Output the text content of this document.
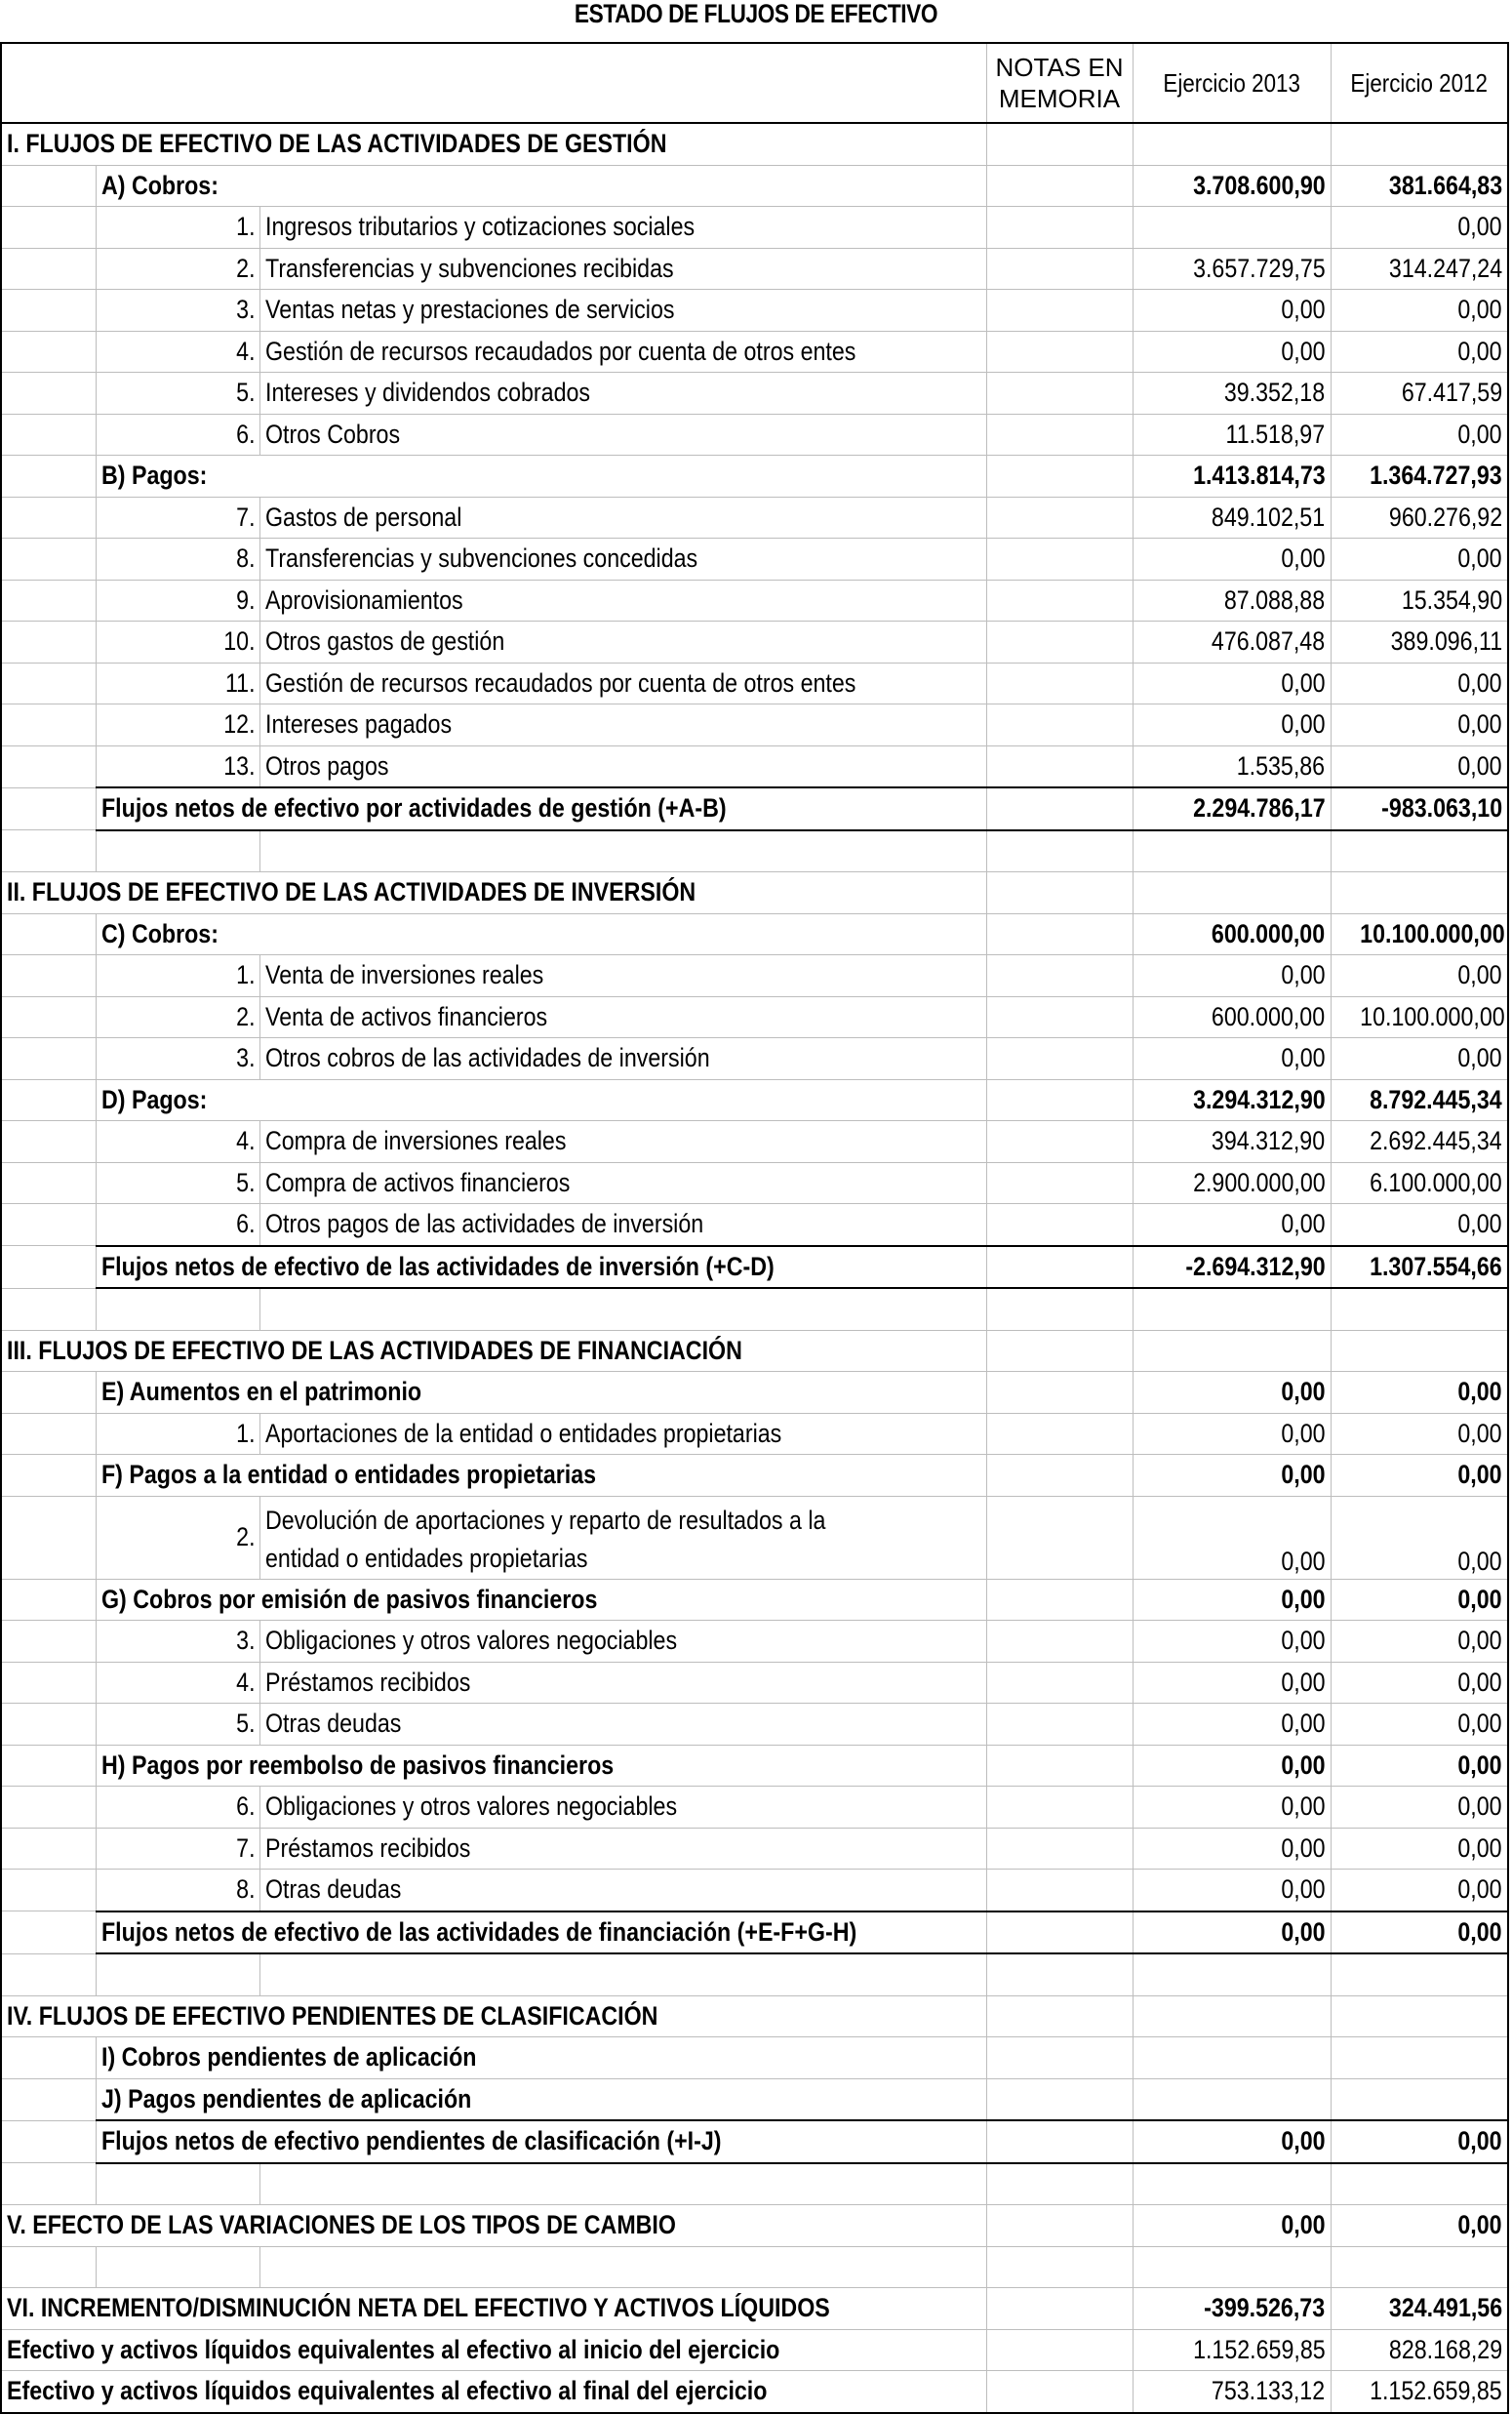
ESTADO DE FLUJOS DE EFECTIVO
			NOTAS EN MEMORIA	Ejercicio 2013	Ejercicio 2012
I. FLUJOS DE EFECTIVO DE LAS ACTIVIDADES DE GESTIÓN					
	A) Cobros:			3.708.600,90	381.664,83
	1.	Ingresos tributarios y cotizaciones sociales			0,00
	2.	Transferencias y subvenciones recibidas		3.657.729,75	314.247,24
	3.	Ventas netas y prestaciones de servicios		0,00	0,00
	4.	Gestión de recursos recaudados por cuenta de otros entes		0,00	0,00
	5.	Intereses y dividendos cobrados		39.352,18	67.417,59
	6.	Otros Cobros		11.518,97	0,00
	B) Pagos:			1.413.814,73	1.364.727,93
	7.	Gastos de personal		849.102,51	960.276,92
	8.	Transferencias y subvenciones concedidas		0,00	0,00
	9.	Aprovisionamientos		87.088,88	15.354,90
	10.	Otros gastos de gestión		476.087,48	389.096,11
	11.	Gestión de recursos recaudados por cuenta de otros entes		0,00	0,00
	12.	Intereses pagados		0,00	0,00
	13.	Otros pagos		1.535,86	0,00
	Flujos netos de efectivo por actividades de gestión (+A-B)			2.294.786,17	-983.063,10

II. FLUJOS DE EFECTIVO DE LAS ACTIVIDADES DE INVERSIÓN					
	C) Cobros:			600.000,00	10.100.000,00
	1.	Venta de inversiones reales		0,00	0,00
	2.	Venta de activos financieros		600.000,00	10.100.000,00
	3.	Otros cobros de las actividades de inversión		0,00	0,00
	D) Pagos:			3.294.312,90	8.792.445,34
	4.	Compra de inversiones reales		394.312,90	2.692.445,34
	5.	Compra de activos financieros		2.900.000,00	6.100.000,00
	6.	Otros pagos de las actividades de inversión		0,00	0,00
	Flujos netos de efectivo de las actividades de inversión (+C-D)			-2.694.312,90	1.307.554,66

III. FLUJOS DE EFECTIVO DE LAS ACTIVIDADES DE FINANCIACIÓN					
	E) Aumentos en el patrimonio			0,00	0,00
	1.	Aportaciones de la entidad o entidades propietarias		0,00	0,00
	F) Pagos a la entidad o entidades propietarias			0,00	0,00
	2.	Devolución de aportaciones y reparto de resultados a la entidad o entidades propietarias		0,00	0,00
	G) Cobros por emisión de pasivos financieros			0,00	0,00
	3.	Obligaciones y otros valores negociables		0,00	0,00
	4.	Préstamos recibidos		0,00	0,00
	5.	Otras deudas		0,00	0,00
	H) Pagos por reembolso de pasivos financieros			0,00	0,00
	6.	Obligaciones y otros valores negociables		0,00	0,00
	7.	Préstamos recibidos		0,00	0,00
	8.	Otras deudas		0,00	0,00
	Flujos netos de efectivo de las actividades de financiación (+E-F+G-H)			0,00	0,00

IV. FLUJOS DE EFECTIVO PENDIENTES DE CLASIFICACIÓN					
	I) Cobros pendientes de aplicación				
	J) Pagos pendientes de aplicación				
	Flujos netos de efectivo pendientes de clasificación (+I-J)			0,00	0,00

V. EFECTO DE LAS VARIACIONES DE LOS TIPOS DE CAMBIO				0,00	0,00

VI. INCREMENTO/DISMINUCIÓN NETA DEL EFECTIVO Y ACTIVOS LÍQUIDOS				-399.526,73	324.491,56
Efectivo y activos líquidos equivalentes al efectivo al inicio del ejercicio				1.152.659,85	828.168,29
Efectivo y activos líquidos equivalentes al efectivo al final del ejercicio				753.133,12	1.152.659,85
